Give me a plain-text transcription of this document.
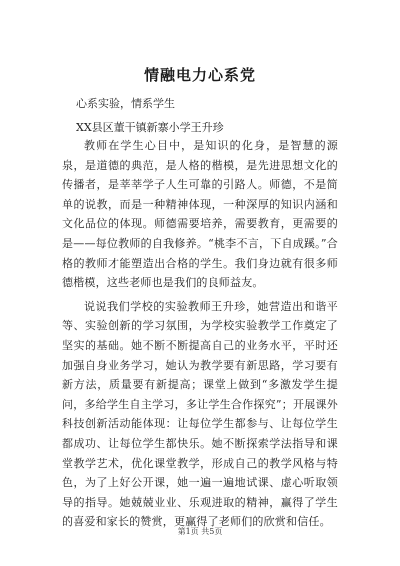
情融电力心系党

心系实验，情系学生

XX县区董干镇新寨小学王升珍

教师在学生心目中，是知识的化身，是智慧的源泉，是道德的典范，是人格的楷模，是先进思想文化的传播者，是莘莘学子人生可靠的引路人。师德，不是简单的说教，而是一种精神体现，一种深厚的知识内涵和文化品位的体现。师德需要培养，需要教育，更需要的是——每位教师的自我修养。“桃李不言，下自成蹊。”合格的教师才能塑造出合格的学生。我们身边就有很多师德楷模，这些老师也是我们的良师益友。

说说我们学校的实验教师王升珍，她营造出和谐平等、实验创新的学习氛围，为学校实验教学工作奠定了坚实的基础。她不断不断提高自己的业务水平，平时还加强自身业务学习，她认为教学要有新思路，学习要有新方法，质量要有新提高；课堂上做到“多激发学生提问，多给学生自主学习，多让学生合作探究”；开展课外科技创新活动能体现：让每位学生都参与、让每位学生都成功、让每位学生都快乐。她不断探索学法指导和课堂教学艺术，优化课堂教学，形成自己的教学风格与特色，为了上好公开课，她一遍一遍地试课、虚心听取领导的指导。她兢兢业业、乐观进取的精神，赢得了学生的喜爱和家长的赞赏，更赢得了老师们的欣赏和信任。

第1页 共5页
